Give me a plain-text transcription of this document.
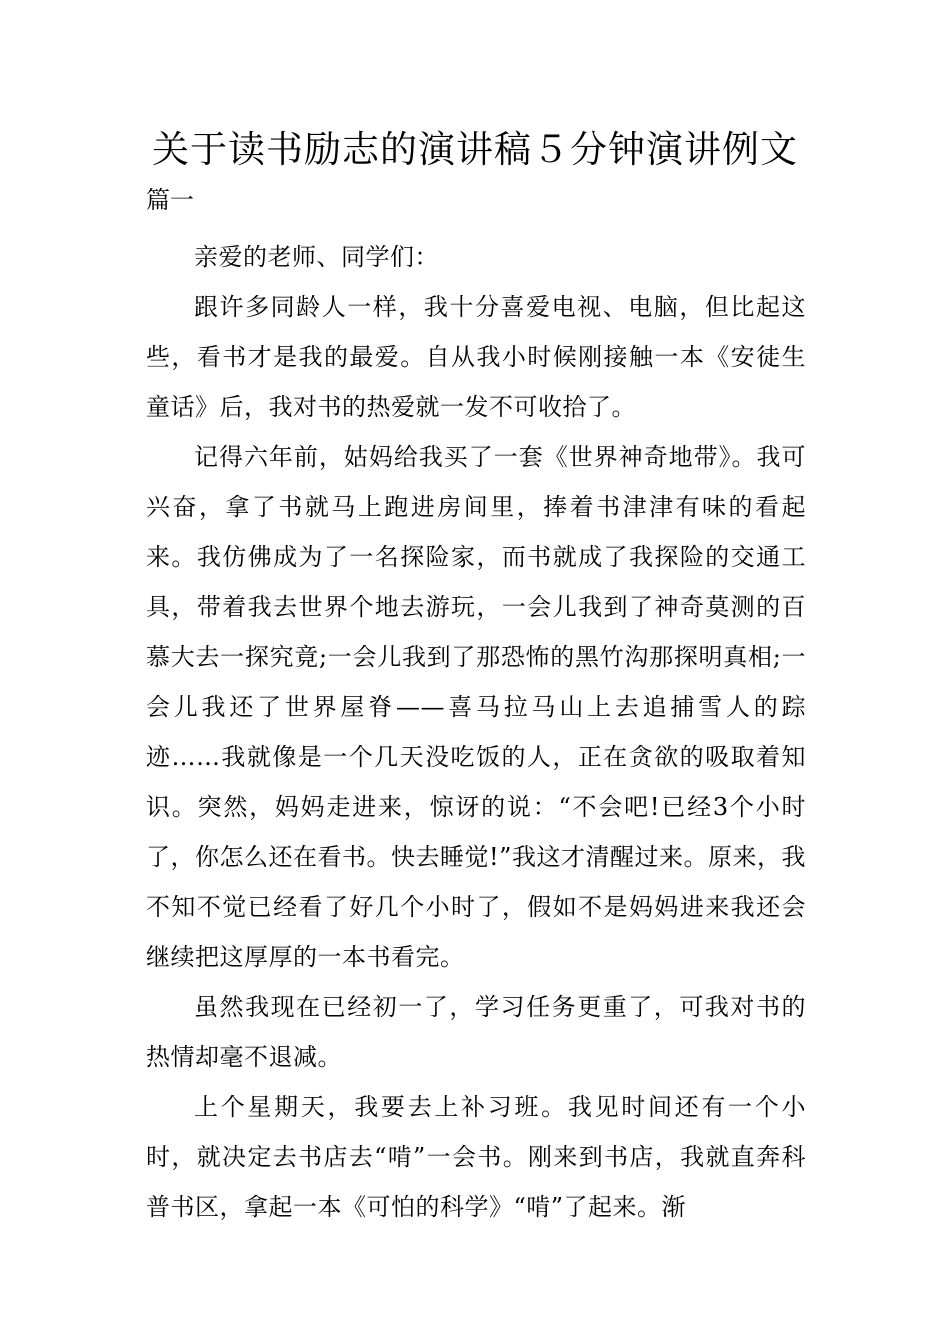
关于读书励志的演讲稿５分钟演讲例文

篇一

亲爱的老师、同学们：

跟许多同龄人一样，我十分喜爱电视、电脑，但比起这些，看书才是我的最爱。自从我小时候刚接触一本《安徒生童话》后，我对书的热爱就一发不可收拾了。

记得六年前，姑妈给我买了一套《世界神奇地带》。我可兴奋，拿了书就马上跑进房间里，捧着书津津有味的看起来。我仿佛成为了一名探险家，而书就成了我探险的交通工具，带着我去世界个地去游玩，一会儿我到了神奇莫测的百慕大去一探究竟;一会儿我到了那恐怖的黑竹沟那探明真相;一会儿我还了世界屋脊——喜马拉马山上去追捕雪人的踪迹……我就像是一个几天没吃饭的人，正在贪欲的吸取着知识。突然，妈妈走进来，惊讶的说：“不会吧!已经3个小时了，你怎么还在看书。快去睡觉!”我这才清醒过来。原来，我不知不觉已经看了好几个小时了，假如不是妈妈进来我还会继续把这厚厚的一本书看完。

虽然我现在已经初一了，学习任务更重了，可我对书的热情却毫不退减。

上个星期天，我要去上补习班。我见时间还有一个小时，就决定去书店去“啃”一会书。刚来到书店，我就直奔科普书区，拿起一本《可怕的科学》“啃”了起来。渐
